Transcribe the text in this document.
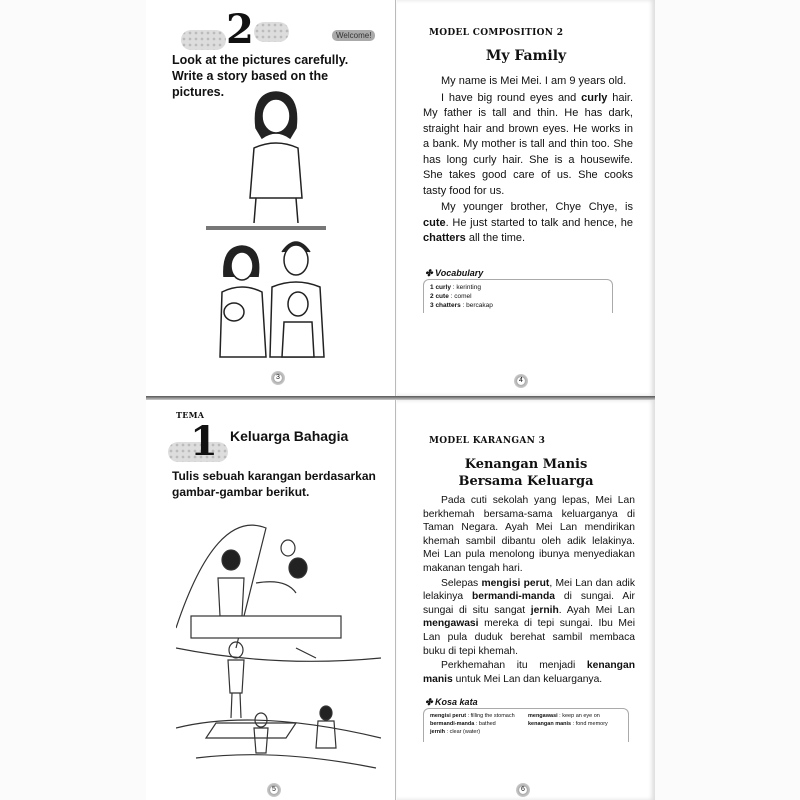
2	Welcome!
Look at the pictures carefully. Write a story based on the pictures.
3
MODEL COMPOSITION 2
My Family

My name is Mei Mei. I am 9 years old.

I have big round eyes and curly hair. My father is tall and thin. He has dark, straight hair and brown eyes. He works in a bank. My mother is tall and thin too. She has long curly hair. She is a housewife. She takes good care of us. She cooks tasty food for us.

My younger brother, Chye Chye, is cute. He just started to talk and hence, he chatters all the time.

✤ Vocabulary
1 curly : kerinting
2 cute : comel
3 chatters : bercakap
4
TEMA
1 Keluarga Bahagia
Tulis sebuah karangan berdasarkan gambar-gambar berikut.
5
MODEL KARANGAN 3
Kenangan Manis
Bersama Keluarga

Pada cuti sekolah yang lepas, Mei Lan berkhemah bersama-sama keluarganya di Taman Negara. Ayah Mei Lan mendirikan khemah sambil dibantu oleh adik lelakinya. Mei Lan pula menolong ibunya menyediakan makanan tengah hari.

Selepas mengisi perut, Mei Lan dan adik lelakinya bermandi-manda di sungai. Air sungai di situ sangat jernih. Ayah Mei Lan mengawasi mereka di tepi sungai. Ibu Mei Lan pula duduk berehat sambil membaca buku di tepi khemah.

Perkhemahan itu menjadi kenangan manis untuk Mei Lan dan keluarganya.

✤ Kosa kata
mengisi perut : filling the stomach	mengawasi : keep an eye on
bermandi-manda : bathed	kenangan manis : fond memory
jernih : clear (water)
6
